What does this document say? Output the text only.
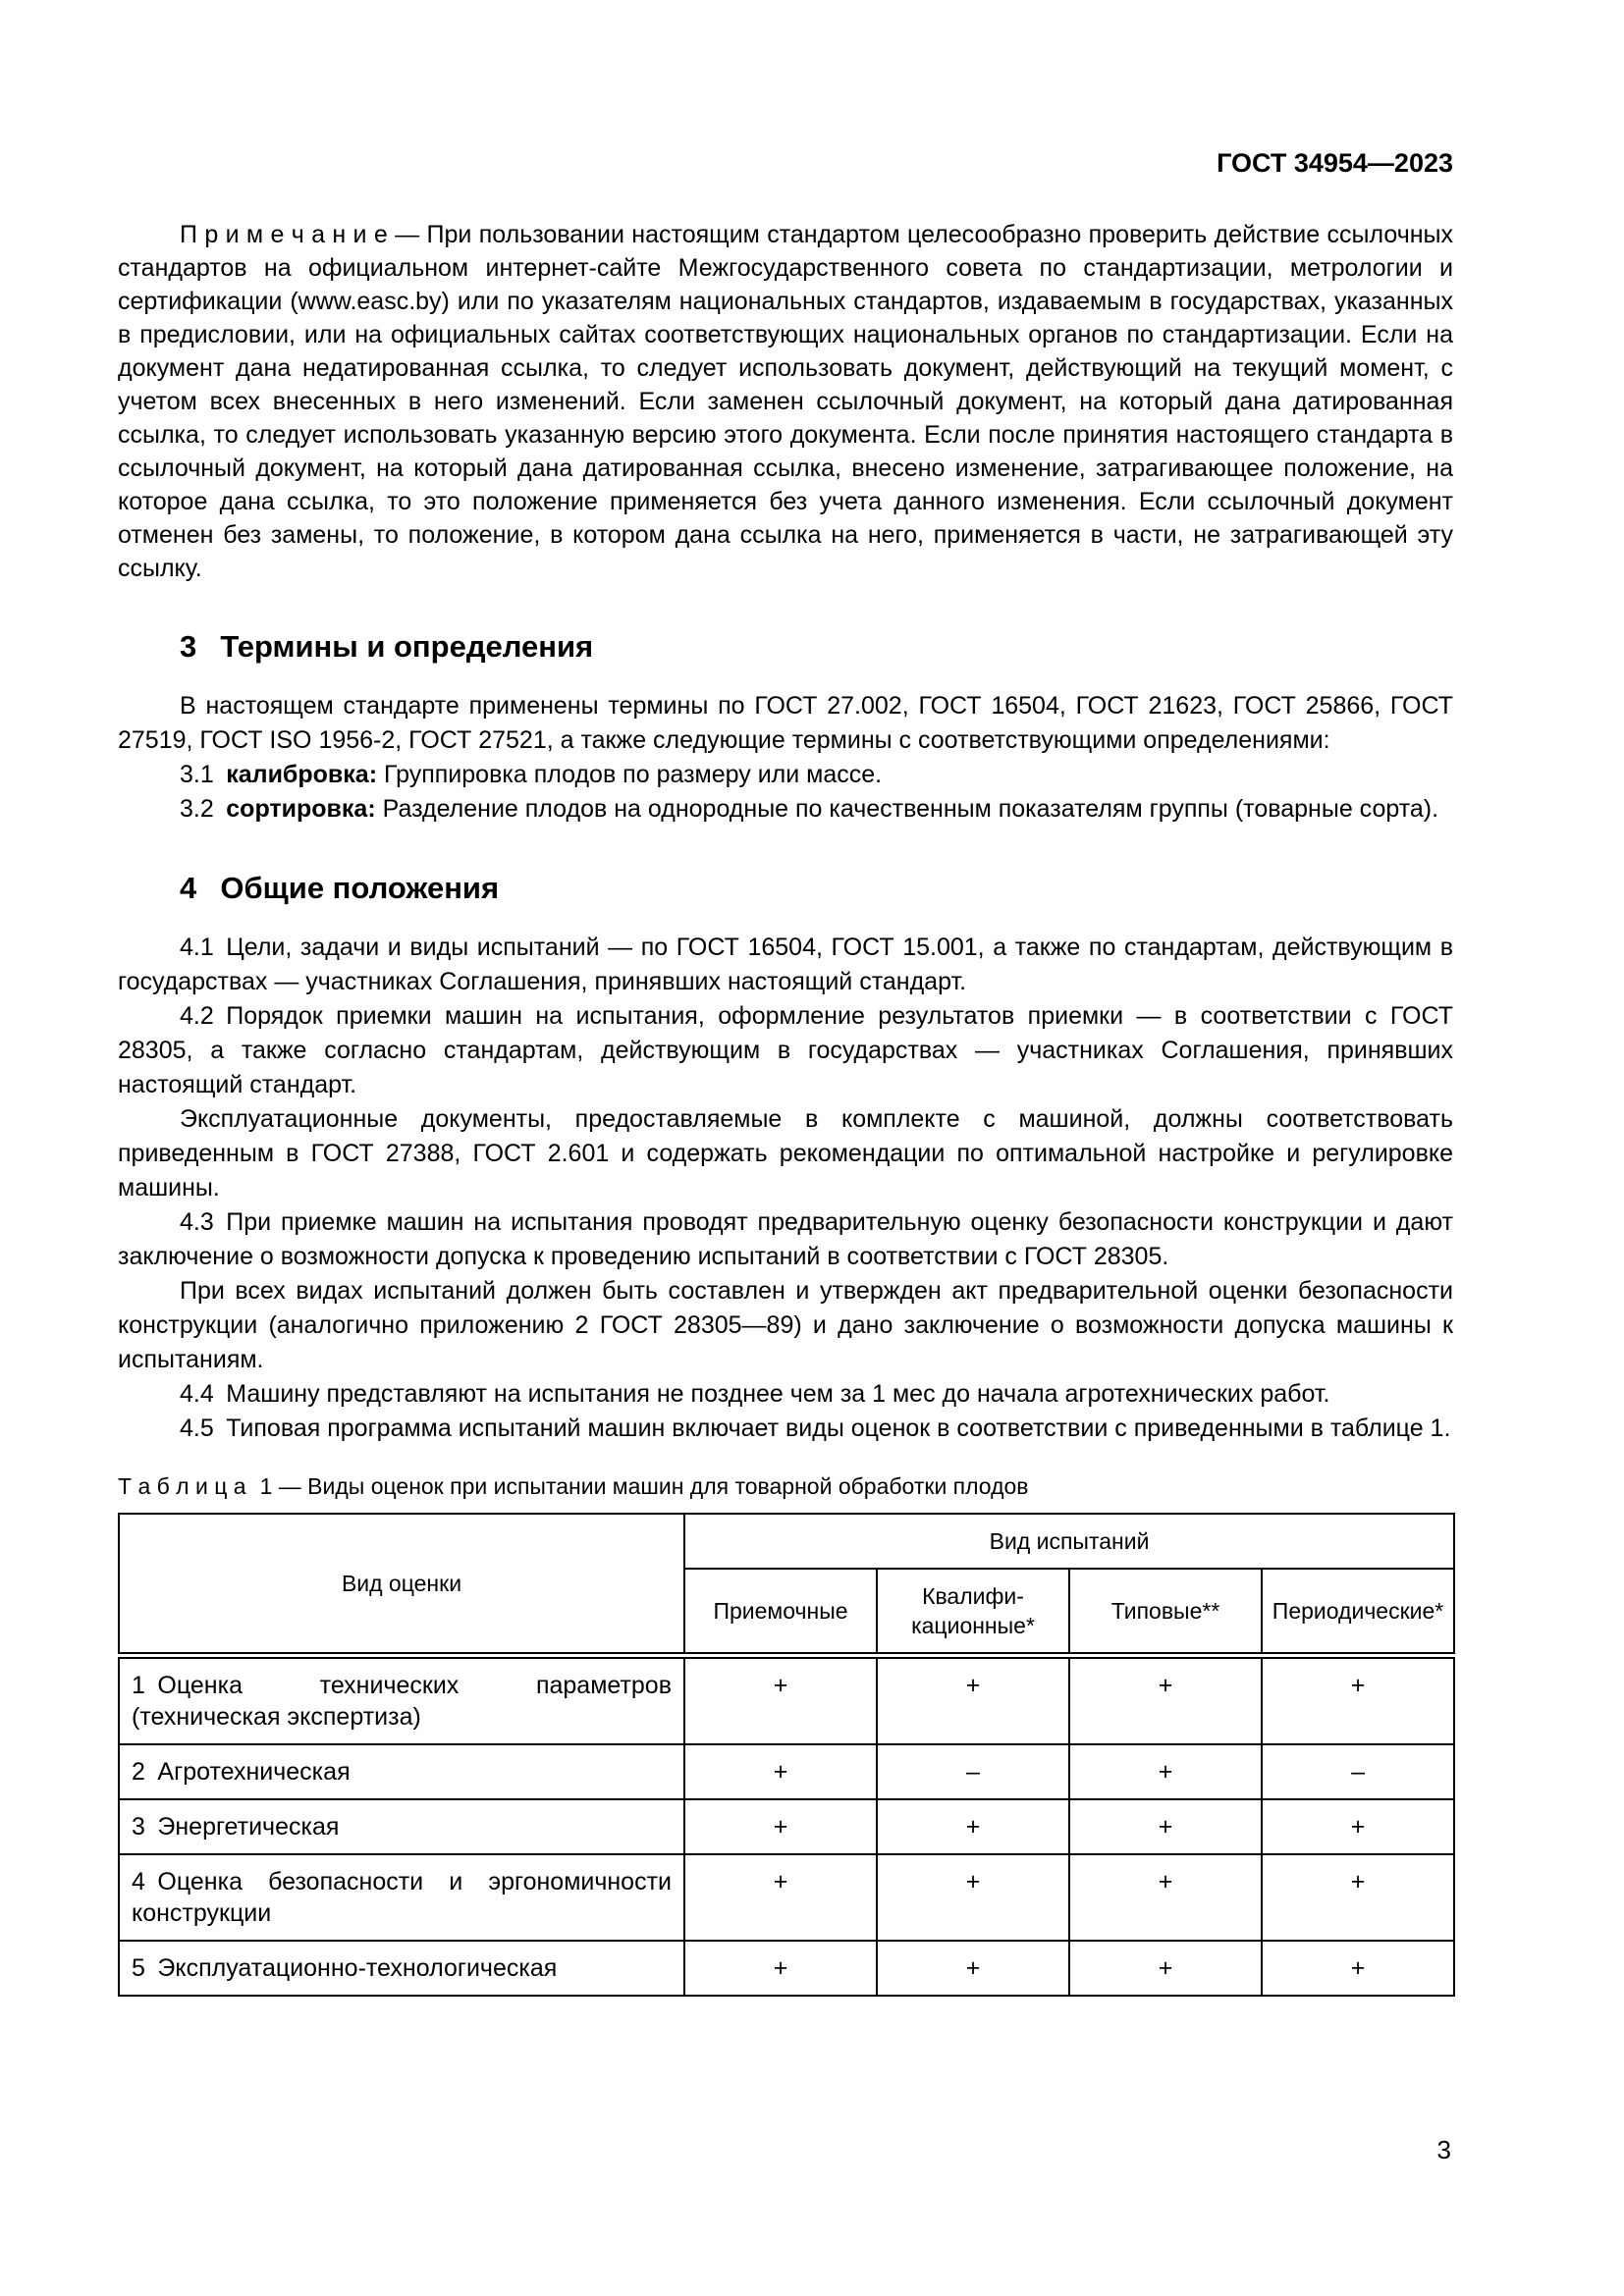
ГОСТ 34954—2023

П р и м е ч а н и е — При пользовании настоящим стандартом целесообразно проверить действие ссылочных стандартов на официальном интернет-сайте Межгосударственного совета по стандартизации, метрологии и сертификации (www.easc.by) или по указателям национальных стандартов, издаваемым в государствах, указанных в предисловии, или на официальных сайтах соответствующих национальных органов по стандартизации. Если на документ дана недатированная ссылка, то следует использовать документ, действующий на текущий момент, с учетом всех внесенных в него изменений. Если заменен ссылочный документ, на который дана датированная ссылка, то следует использовать указанную версию этого документа. Если после принятия настоящего стандарта в ссылочный документ, на который дана датированная ссылка, внесено изменение, затрагивающее положение, на которое дана ссылка, то это положение применяется без учета данного изменения. Если ссылочный документ отменен без замены, то положение, в котором дана ссылка на него, применяется в части, не затрагивающей эту ссылку.

3  Термины и определения

В настоящем стандарте применены термины по ГОСТ 27.002, ГОСТ 16504, ГОСТ 21623, ГОСТ 25866, ГОСТ 27519, ГОСТ ISO 1956-2, ГОСТ 27521, а также следующие термины с соответствующими определениями:

3.1 калибровка: Группировка плодов по размеру или массе.

3.2 сортировка: Разделение плодов на однородные по качественным показателям группы (товарные сорта).

4  Общие положения

4.1 Цели, задачи и виды испытаний — по ГОСТ 16504, ГОСТ 15.001, а также по стандартам, действующим в государствах — участниках Соглашения, принявших настоящий стандарт.

4.2 Порядок приемки машин на испытания, оформление результатов приемки — в соответствии с ГОСТ 28305, а также согласно стандартам, действующим в государствах — участниках Соглашения, принявших настоящий стандарт.

Эксплуатационные документы, предоставляемые в комплекте с машиной, должны соответствовать приведенным в ГОСТ 27388, ГОСТ 2.601 и содержать рекомендации по оптимальной настройке и регулировке машины.

4.3 При приемке машин на испытания проводят предварительную оценку безопасности конструкции и дают заключение о возможности допуска к проведению испытаний в соответствии с ГОСТ 28305.

При всех видах испытаний должен быть составлен и утвержден акт предварительной оценки безопасности конструкции (аналогично приложению 2 ГОСТ 28305—89) и дано заключение о возможности допуска машины к испытаниям.

4.4 Машину представляют на испытания не позднее чем за 1 мес до начала агротехнических работ.

4.5 Типовая программа испытаний машин включает виды оценок в соответствии с приведенными в таблице 1.

Т а б л и ц а 1 — Виды оценок при испытании машин для товарной обработки плодов

Вид оценки	Вид испытаний			
	Приемочные	Квалифи-кационные*	Типовые**	Периодические*
1 Оценка технических параметров (техническая экспертиза)	+	+	+	+
2 Агротехническая	+	–	+	–
3 Энергетическая	+	+	+	+
4 Оценка безопасности и эргономичности конструкции	+	+	+	+
5 Эксплуатационно-технологическая	+	+	+	+
3
